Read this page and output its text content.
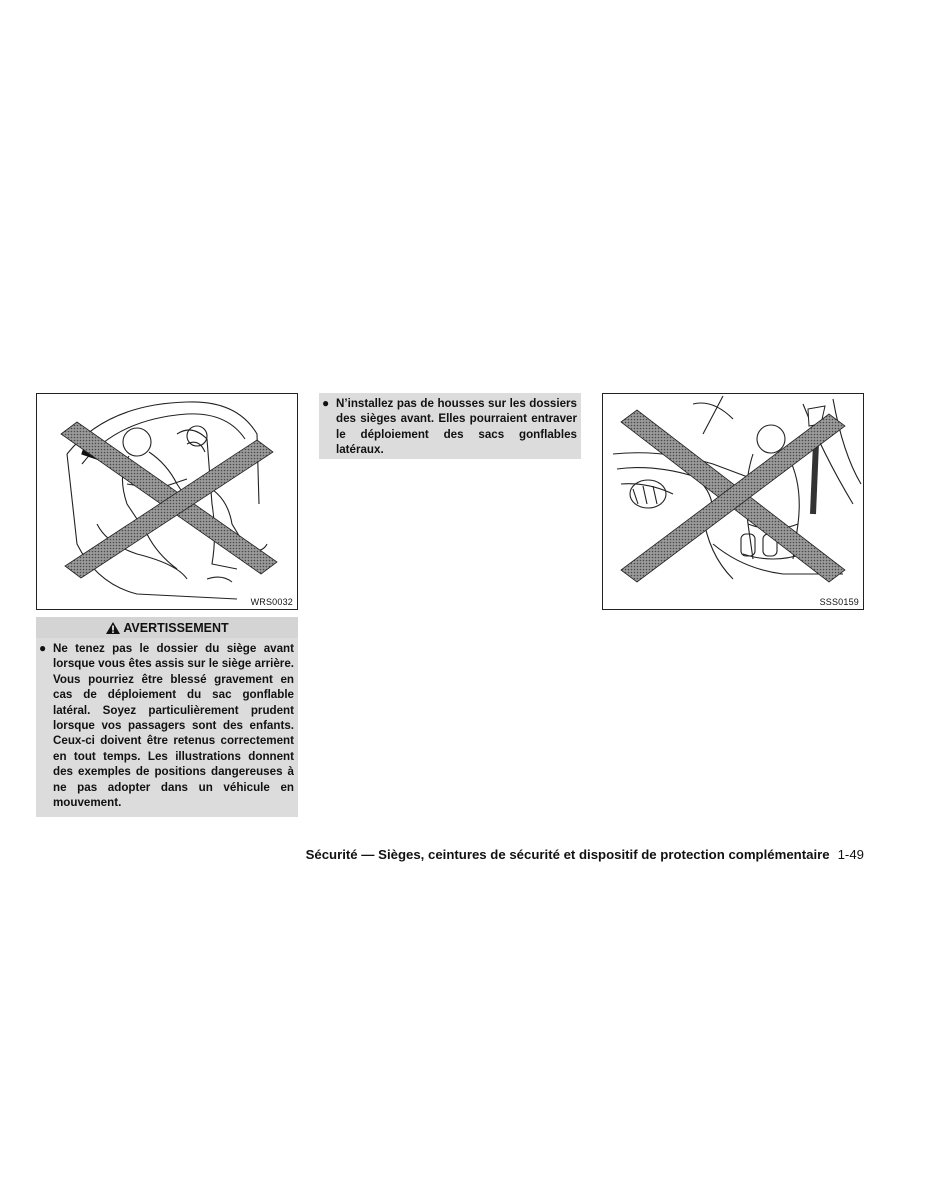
WRS0032
AVERTISSEMENT
● Ne tenez pas le dossier du siège avant lorsque vous êtes assis sur le siège arrière. Vous pourriez être blessé gravement en cas de déploiement du sac gonflable latéral. Soyez particulièrement prudent lorsque vos passagers sont des enfants. Ceux-ci doivent être retenus correctement en tout temps. Les illustrations donnent des exemples de positions dangereuses à ne pas adopter dans un véhicule en mouvement.
● N’installez pas de housses sur les dossiers des sièges avant. Elles pourraient entraver le déploiement des sacs gonflables latéraux.
SSS0159
Sécurité — Sièges, ceintures de sécurité et dispositif de protection complémentaire 1-49
